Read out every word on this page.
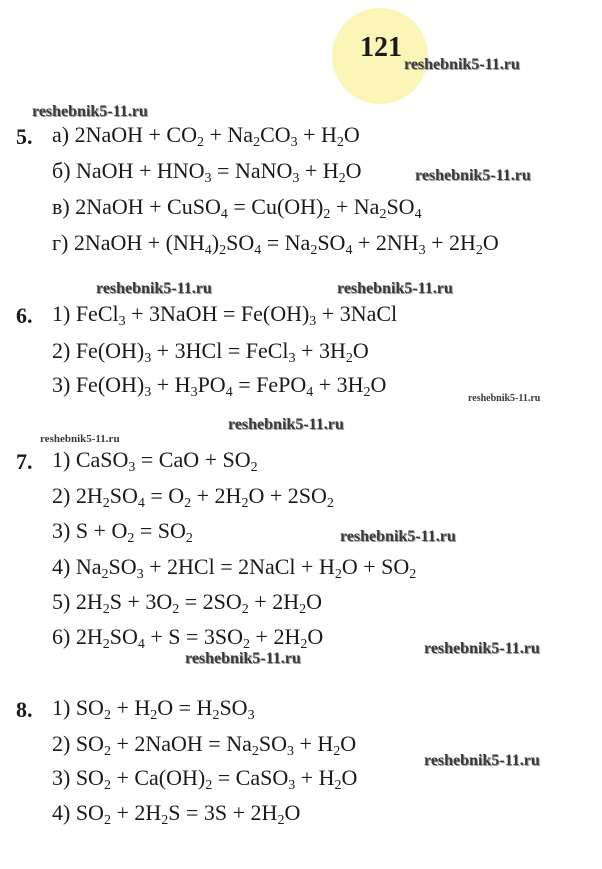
121
5.
6.
7.
8.
а) 2NaOH + $CO_2 + Na_2CO_3 + H_2O$
б) NaOH + $HNO_3$ = NaNO$_3$ + $H_2O$
в) 2NaOH + CuSO$_4$ = $Cu(OH)_2 + Na_2SO_4$
г) 2NaOH + $(NH_4)_2SO_4 = Na_2SO_4 + 2NH_3 + 2H_2O$
1) FeCl$_3$ + 3NaOH = $Fe(OH)_3$ + 3NaCl
2) $Fe(OH)_3 + 3HCl$ = FeCl$_3$ + $3H_2O$
3) $Fe(OH)_3 + H_3PO_4$ = FePO$_4$ + $3H_2O$
1) CaSO$_3$ = CaO + $SO_2$
2) $2H_2SO_4 = O_2 + 2H_2O + 2SO_2$
3) $S + O_2 = SO_2$
4) $Na_2SO_3 + 2HCl$ = 2NaCl + $H_2O + SO_2$
5) $2H_2S + 3O_2 = 2SO_2 + 2H_2O$
6) $2H_2SO_4 + S = 3SO_2 + 2H_2O$
1) $SO_2 + H_2O = H_2SO_3$
2) $SO_2$ + 2NaOH = $Na_2SO_3 + H_2O$
3) $SO_2 + Ca(OH)_2$ = CaSO$_3$ + $H_2O$
4) $SO_2 + 2H_2S = 3S + 2H_2O$
reshebnik5-11.ru
reshebnik5-11.ru
reshebnik5-11.ru
reshebnik5-11.ru	reshebnik5-11.ru
reshebnik5-11.ru
reshebnik5-11.ru
reshebnik5-11.ru
reshebnik5-11.ru
reshebnik5-11.ru
reshebnik5-11.ru
reshebnik5-11.ru
